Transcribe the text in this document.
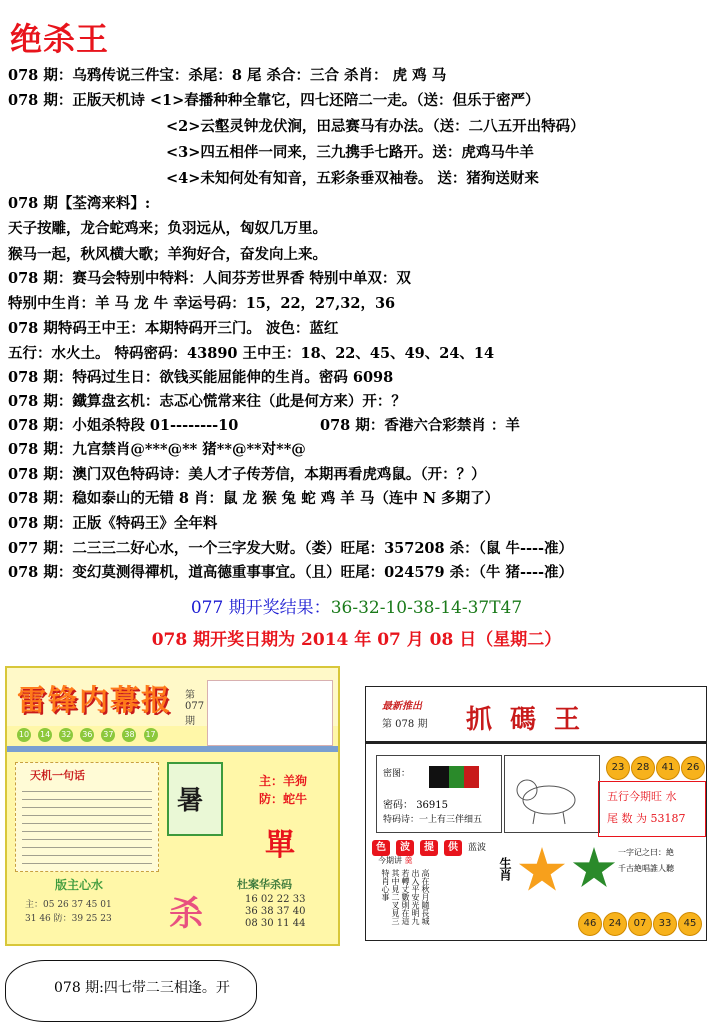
绝杀王
078 期：乌鸦传说三件宝：杀尾：8 尾 杀合：三合 杀肖： 虎 鸡 马
078 期：正版天机诗 <1>春播种种全靠它，四七还陪二一走。（送：但乐于密严）
<2>云壑灵钟龙伏涧，田忌赛马有办法。（送：二八五开出特码）
<3>四五相伴一同来，三九携手七路开。送：虎鸡马牛羊
<4>未知何处有知音，五彩条垂双袖卷。 送：猪狗送财来
078 期【荃湾来料】:
天子按雕，龙合蛇鸡来；负羽远从，匈奴几万里。
猴马一起，秋风横大歌；羊狗好合，奋发向上来。
078 期：赛马会特别中特料：人间芬芳世界香 特别中单双：双
特别中生肖：羊 马 龙 牛 幸运号码：15，22，27,32，36
078 期特码王中王：本期特码开三门。 波色：蓝红
五行：水火土。 特码密码：43890 王中王：18、22、45、49、24、14
078 期：特码过生日：欲钱买能屈能伸的生肖。密码 6098
078 期：鐵算盘玄机：志忑心慌常来往（此是何方来）开：？
078 期：小姐杀特段 01--------10	078 期：香港六合彩禁肖 ：羊
078 期：九宫禁肖@***@** 猪**@**对**@
078 期：澳门双色特码诗：美人才子传芳信，本期再看虎鸡鼠。（开：？）
078 期：稳如泰山的无错 8 肖：鼠 龙 猴 兔 蛇 鸡 羊 马（连中 N 多期了）
078 期：正版《特码王》全年料
077 期：二三三二好心水，一个三字发大财。（娄）旺尾：357208 杀：（鼠 牛----准）
078 期：变幻莫测得禪机，道高德重事事宜。（且）旺尾：024579 杀：（牛 猪----准）
077 期开奖结果：36-32-10-38-14-37T47
078 期开奖日期为 2014 年 07 月 08 日（星期二）
雷锋内幕报 第
077
期
10 14 32 36 37 38 17
天机一句话
暑
主：羊狗
防：蛇牛
單
版主心水
主：05 26 37 45 01
31 46 防：39 25 23 杀
杜案华杀码
16 02 22 33
36 38 37 40
08 30 11 44
最新推出
第 078 期 抓碼王
密图：
密码： 36915
特码诗：一上有三伴细五
23 28 41 26
五行今期旺 水
尾 数 为 53187
色 波 提 供 蓝波
今期讲 羹
高在秋月隨長城
出入平安光明九
若轉丈數則在這
其中見二叉見三
特肖心事	生肖
一字记之曰：絶
千古絶唱誰人聽
46 24 07 33 45
078 期:四七带二三相逢。开
